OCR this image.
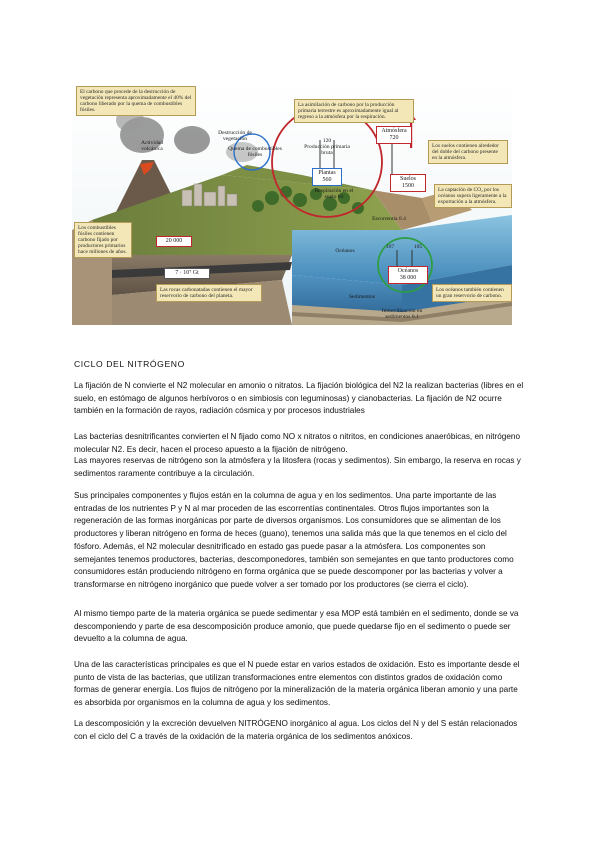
El carbono que procede de la destrucción de vegetación representa aproximadamente el 40% del carbono liberado por la quema de combustibles fósiles.
La asimilación de carbono por la producción primaria terrestre es aproximadamente igual al regreso a la atmósfera por la respiración.
Los suelos contienen alrededor del doble del carbono presente en la atmósfera.
La captación de CO₂ por los océanos supera ligeramente a la exportación a la atmósfera.
Los combustibles fósiles contienen carbono fijado por productores primarios hace millones de años.
Las rocas carbonatadas contienen el mayor reservorio de carbono del planeta.
Los océanos también contienen un gran reservorio de carbono.
Actividad volcánica
Destrucción de vegetación
Quema de combustibles fósiles
120
Producción primaria bruta
Plantas
560
Respiración en el suelo 60
Atmósfera
720
Suelos
1500
Escorrentía 0.4
Océanos
107	105
Océanos
38 000
Sedimentos
Inmovilización en sedimentos 0.1
20 000
7 · 10⁷ Gt
CICLO DEL NITRÓGENO

La fijación de N convierte el N2 molecular en amonio o nitratos. La fijación biológica del N2 la realizan bacterias (libres en el suelo, en estómago de algunos herbívoros o en simbiosis con leguminosas) y cianobacterias. La fijación de N2 ocurre también en la formación de rayos, radiación cósmica y por procesos industriales

Las bacterias desnitrificantes convierten el N fijado como NO x nitratos o nitritos, en condiciones anaeróbicas, en nitrógeno molecular N2. Es decir, hacen el proceso apuesto a la fijación de nitrógeno.

Las mayores reservas de nitrógeno son la atmósfera y la litosfera (rocas y sedimentos). Sin embargo, la reserva en rocas y sedimentos raramente contribuye a la circulación.

Sus principales componentes y flujos están en la columna de agua y en los sedimentos. Una parte importante de las entradas de los nutrientes P y N al mar proceden de las escorrentías continentales. Otros flujos importantes son la regeneración de las formas inorgánicas por parte de diversos organismos. Los consumidores que se alimentan de los productores y liberan nitrógeno en forma de heces (guano), tenemos una salida más que la que tenemos en el ciclo del fósforo. Además, el N2 molecular desnitrificado en estado gas puede pasar a la atmósfera. Los componentes son semejantes tenemos productores, bacterias, descomponedores, también son semejantes en que tanto productores como consumidores están produciendo nitrógeno en forma orgánica que se puede descomponer por las bacterias y volver a transformarse en nitrógeno inorgánico que puede volver a ser tomado por los productores (se cierra el ciclo).

Al mismo tiempo parte de la materia orgánica se puede sedimentar y esa MOP está también en el sedimento, donde se va descomponiendo y parte de esa descomposición produce amonio, que puede quedarse fijo en el sedimento o puede ser devuelto a la columna de agua.

Una de las características principales es que el N puede estar en varios estados de oxidación. Esto es importante desde el punto de vista de las bacterias, que utilizan transformaciones entre elementos con distintos grados de oxidación como formas de generar energía. Los flujos de nitrógeno por la mineralización de la materia orgánica liberan amonio y una parte es absorbida por organismos en la columna de agua y los sedimentos.

La descomposición y la excreción devuelven NITRÓGENO inorgánico al agua. Los ciclos del N y del S están relacionados con el ciclo del C a través de la oxidación de la materia orgánica de los sedimentos anóxicos.
